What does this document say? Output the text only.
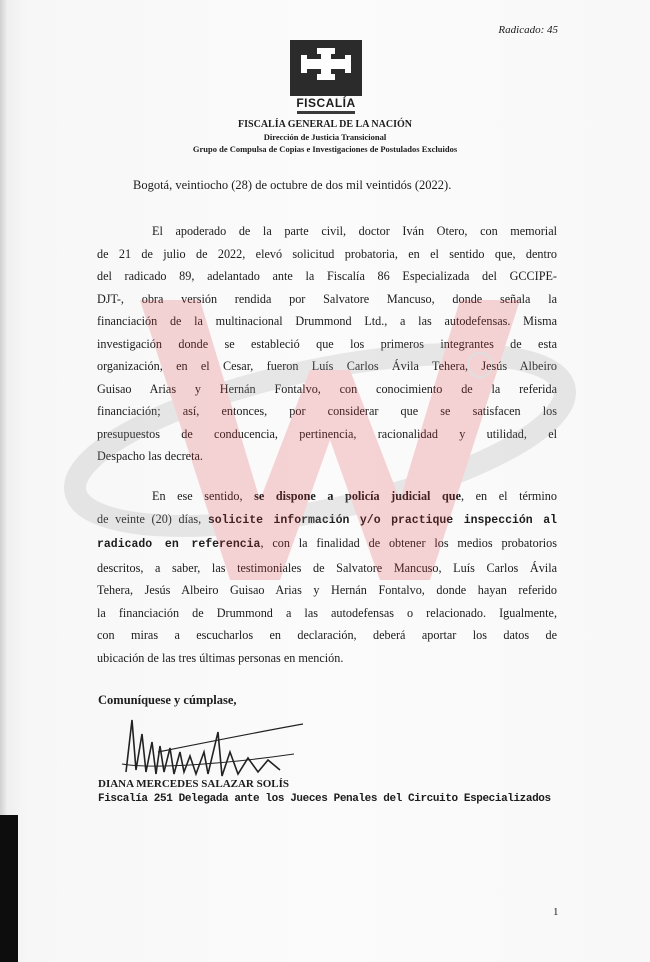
Radicado: 45
FISCALÍA
FISCALÍA GENERAL DE LA NACIÓN
Dirección de Justicia Transicional
Grupo de Compulsa de Copias e Investigaciones de Postulados Excluidos
Bogotá, veintiocho (28) de octubre de dos mil veintidós (2022).
El apoderado de la parte civil, doctor Iván Otero, con memorial
de 21 de julio de 2022, elevó solicitud probatoria, en el sentido que, dentro
del radicado 89, adelantado ante la Fiscalía 86 Especializada del GCCIPE-
DJT-, obra versión rendida por Salvatore Mancuso, donde señala la
financiación de la multinacional Drummond Ltd., a las autodefensas. Misma
investigación donde se estableció que los primeros integrantes de esta
organización, en el Cesar, fueron Luís Carlos Ávila Tehera, Jesús Albeiro
Guisao Arias y Hernán Fontalvo, con conocimiento de la referida
financiación; así, entonces, por considerar que se satisfacen los
presupuestos de conducencia, pertinencia, racionalidad y utilidad, el
Despacho las decreta.
En ese sentido, se dispone a policía judicial que, en el término
de veinte (20) días, solicite información y/o practique inspección al
radicado en referencia, con la finalidad de obtener los medios probatorios
descritos, a saber, las testimoniales de Salvatore Mancuso, Luís Carlos Ávila
Tehera, Jesús Albeiro Guisao Arias y Hernán Fontalvo, donde hayan referido
la financiación de Drummond a las autodefensas o relacionado. Igualmente,
con miras a escucharlos en declaración, deberá aportar los datos de
ubicación de las tres últimas personas en mención.
Comuníquese y cúmplase,
DIANA MERCEDES SALAZAR SOLÍS
Fiscalía 251 Delegada ante los Jueces Penales del Circuito Especializados
1
